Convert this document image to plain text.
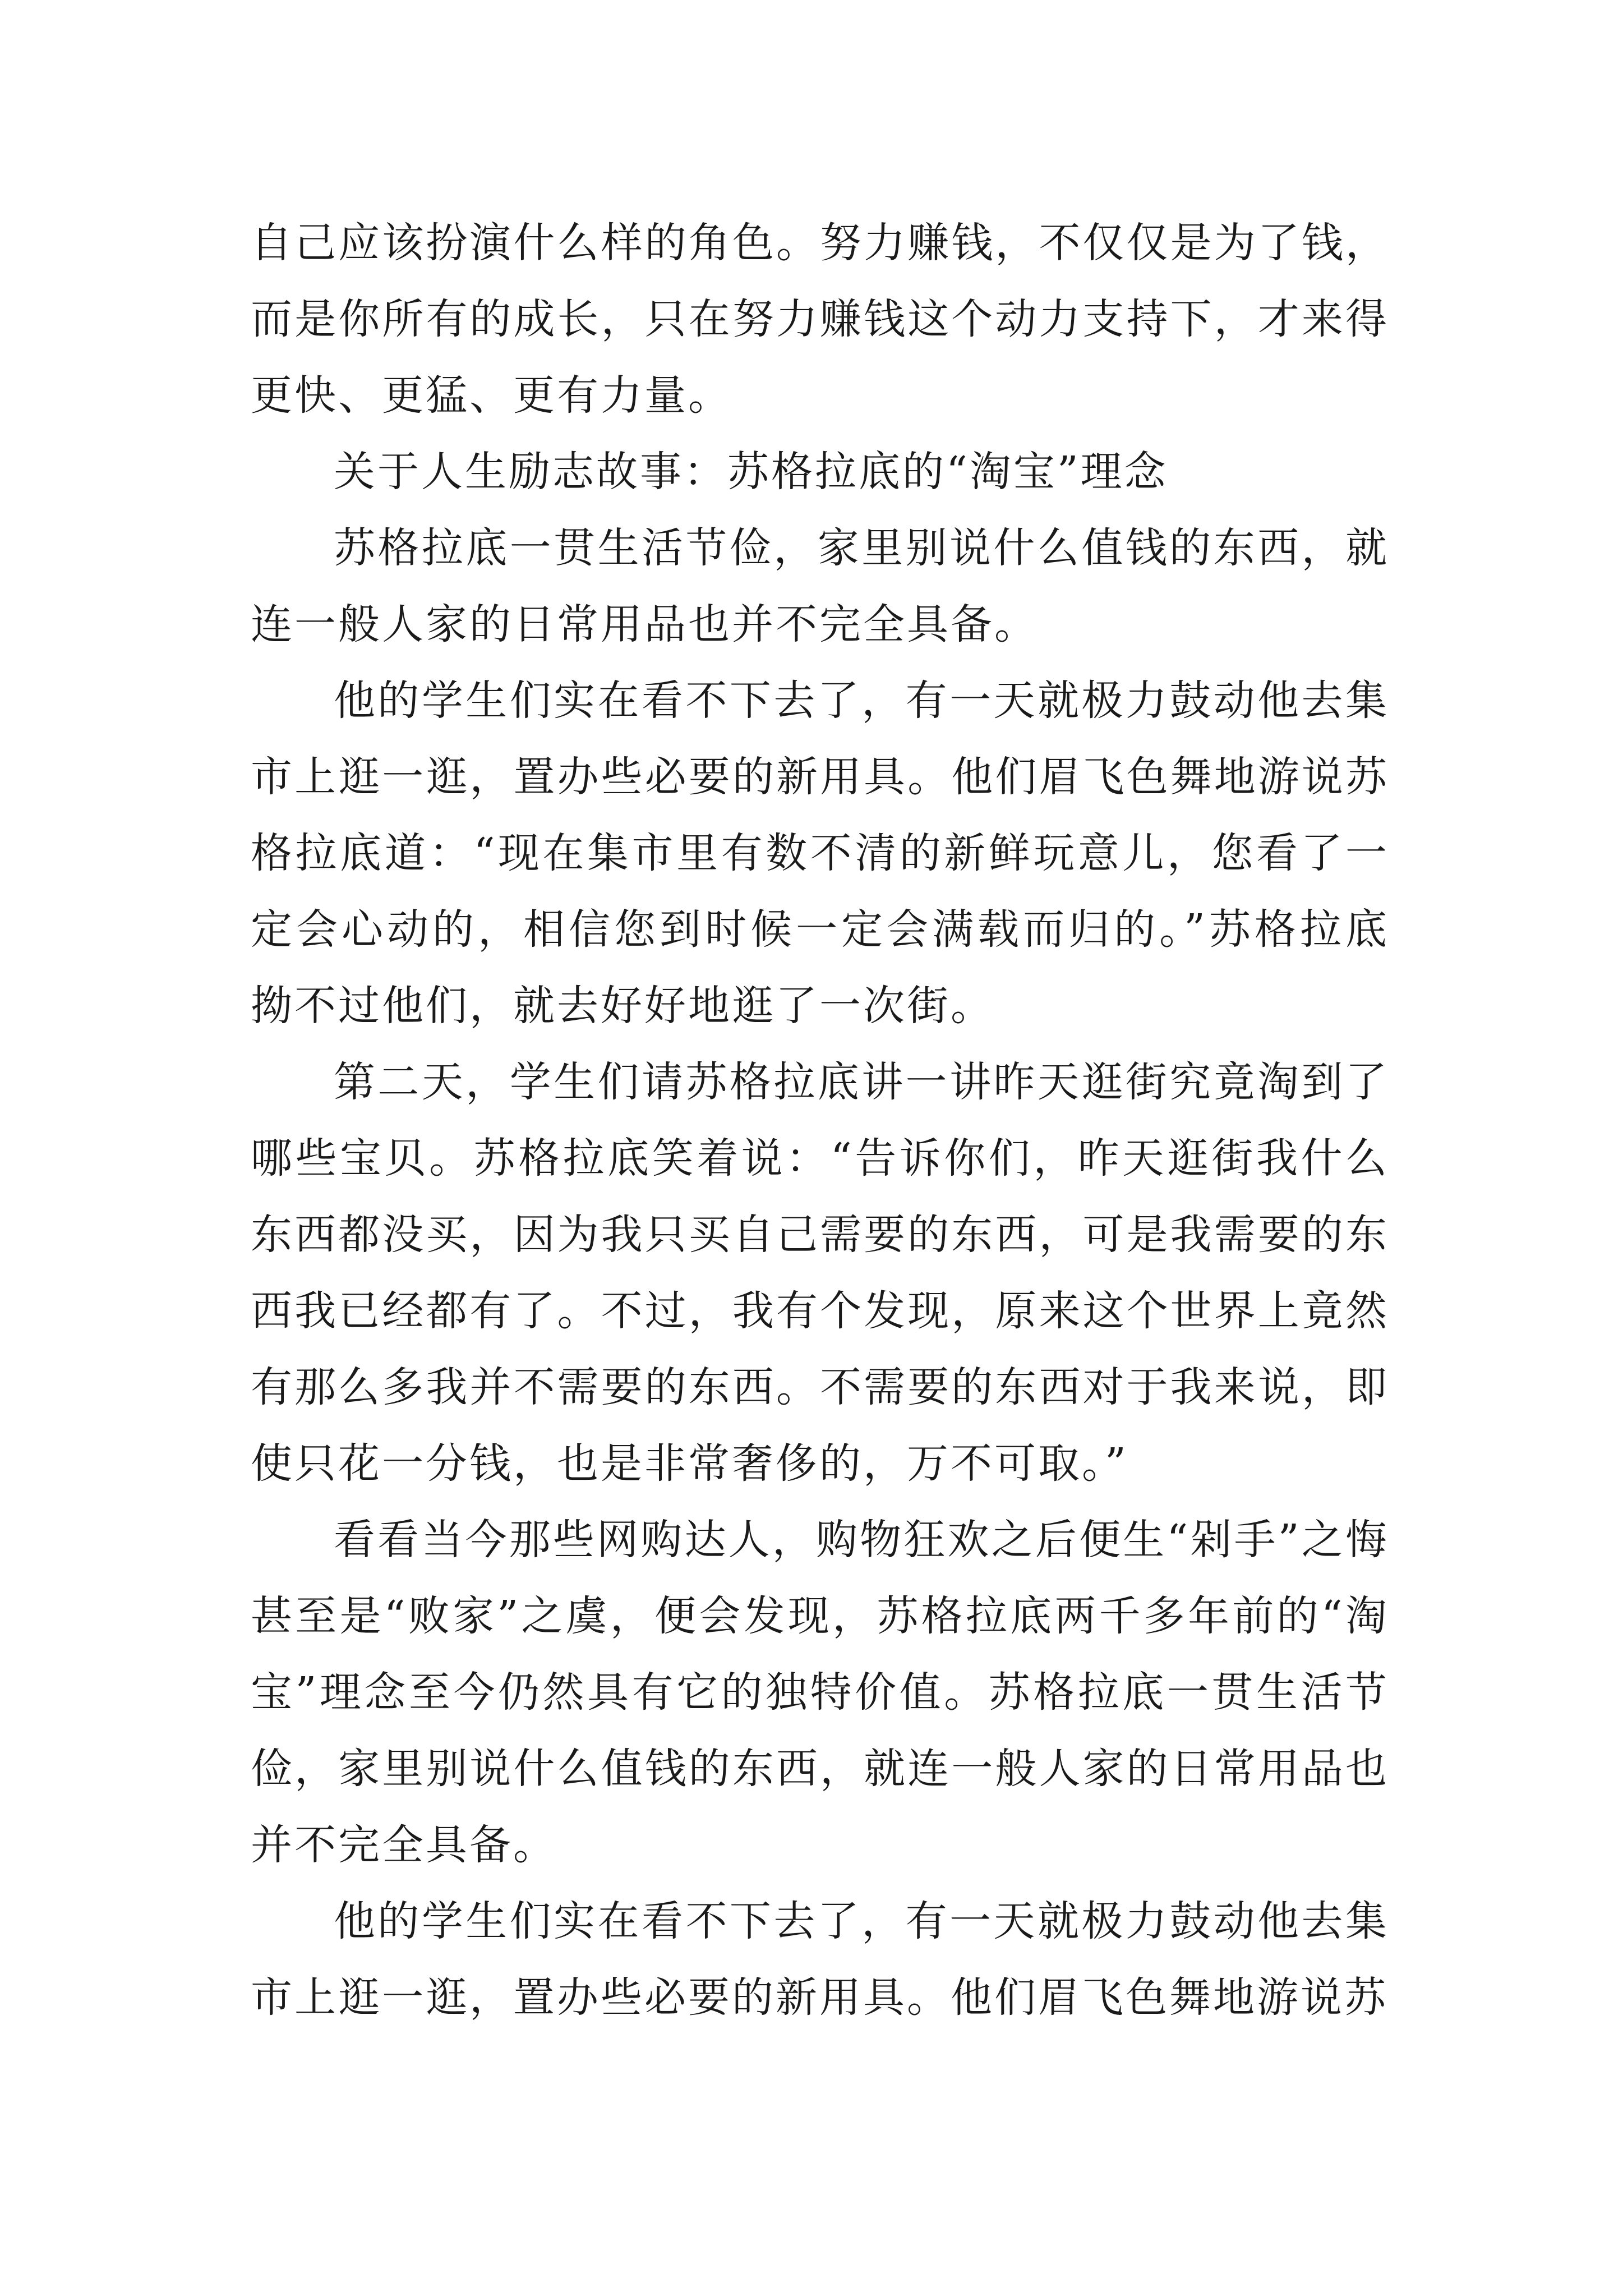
自己应该扮演什么样的角色。努力赚钱，不仅仅是为了钱，而是你所有的成长，只在努力赚钱这个动力支持下，才来得更快、更猛、更有力量。

关于人生励志故事：苏格拉底的“淘宝”理念

苏格拉底一贯生活节俭，家里别说什么值钱的东西，就连一般人家的日常用品也并不完全具备。

他的学生们实在看不下去了，有一天就极力鼓动他去集市上逛一逛，置办些必要的新用具。他们眉飞色舞地游说苏格拉底道：“现在集市里有数不清的新鲜玩意儿，您看了一定会心动的，相信您到时候一定会满载而归的。”苏格拉底拗不过他们，就去好好地逛了一次街。

第二天，学生们请苏格拉底讲一讲昨天逛街究竟淘到了哪些宝贝。苏格拉底笑着说：“告诉你们，昨天逛街我什么东西都没买，因为我只买自己需要的东西，可是我需要的东西我已经都有了。不过，我有个发现，原来这个世界上竟然有那么多我并不需要的东西。不需要的东西对于我来说，即使只花一分钱，也是非常奢侈的，万不可取。”

看看当今那些网购达人，购物狂欢之后便生“剁手”之悔甚至是“败家”之虞，便会发现，苏格拉底两千多年前的“淘宝”理念至今仍然具有它的独特价值。苏格拉底一贯生活节俭，家里别说什么值钱的东西，就连一般人家的日常用品也并不完全具备。

他的学生们实在看不下去了，有一天就极力鼓动他去集市上逛一逛，置办些必要的新用具。他们眉飞色舞地游说苏
